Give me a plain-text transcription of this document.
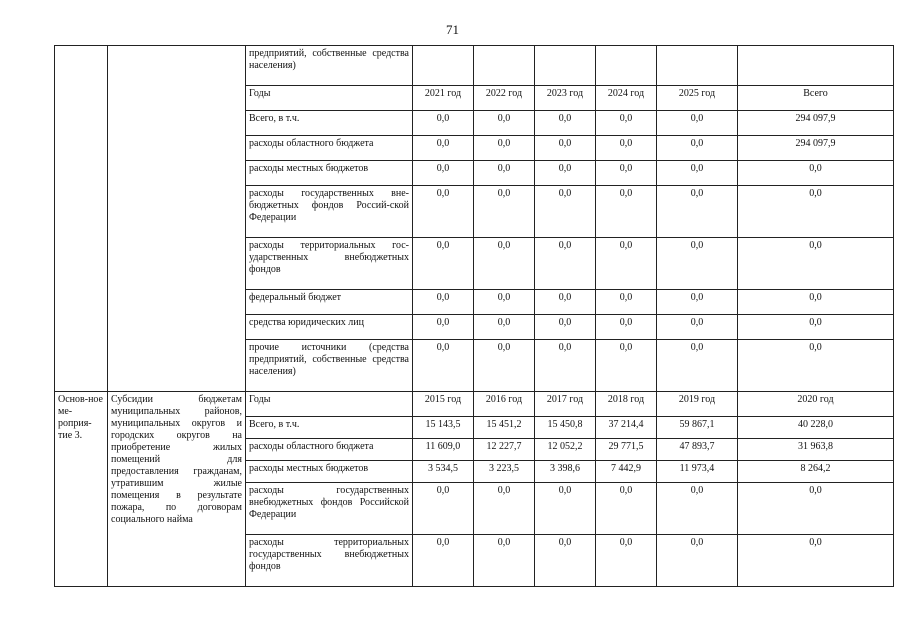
71
		предприятий, собственные средства населения)						
		Годы	2021 год	2022 год	2023 год	2024 год	2025 год	Всего
		Всего, в т.ч.	0,0	0,0	0,0	0,0	0,0	294 097,9
		расходы областного бюджета	0,0	0,0	0,0	0,0	0,0	294 097,9
		расходы местных бюджетов	0,0	0,0	0,0	0,0	0,0	0,0
		расходы государственных вне-бюджетных фондов Россий-ской Федерации	0,0	0,0	0,0	0,0	0,0	0,0
		расходы территориальных гос-ударственных внебюджетных фондов	0,0	0,0	0,0	0,0	0,0	0,0
		федеральный бюджет	0,0	0,0	0,0	0,0	0,0	0,0
		средства юридических лиц	0,0	0,0	0,0	0,0	0,0	0,0
		прочие источники (средства предприятий, собственные средства населения)	0,0	0,0	0,0	0,0	0,0	0,0
Основ-ное ме-роприя-тие 3.	Субсидии бюджетам муниципальных районов, муниципальных округов и городских округов на приобретение жилых помещений для предоставления гражданам, утратившим жилые помещения в результате пожара, по договорам социального найма	Годы	2015 год	2016 год	2017 год	2018 год	2019 год	2020 год
		Всего, в т.ч.	15 143,5	15 451,2	15 450,8	37 214,4	59 867,1	40 228,0
		расходы областного бюджета	11 609,0	12 227,7	12 052,2	29 771,5	47 893,7	31 963,8
		расходы местных бюджетов	3 534,5	3 223,5	3 398,6	7 442,9	11 973,4	8 264,2
		расходы государственных внебюджетных фондов Российской Федерации	0,0	0,0	0,0	0,0	0,0	0,0
		расходы территориальных государственных внебюджетных фондов	0,0	0,0	0,0	0,0	0,0	0,0
